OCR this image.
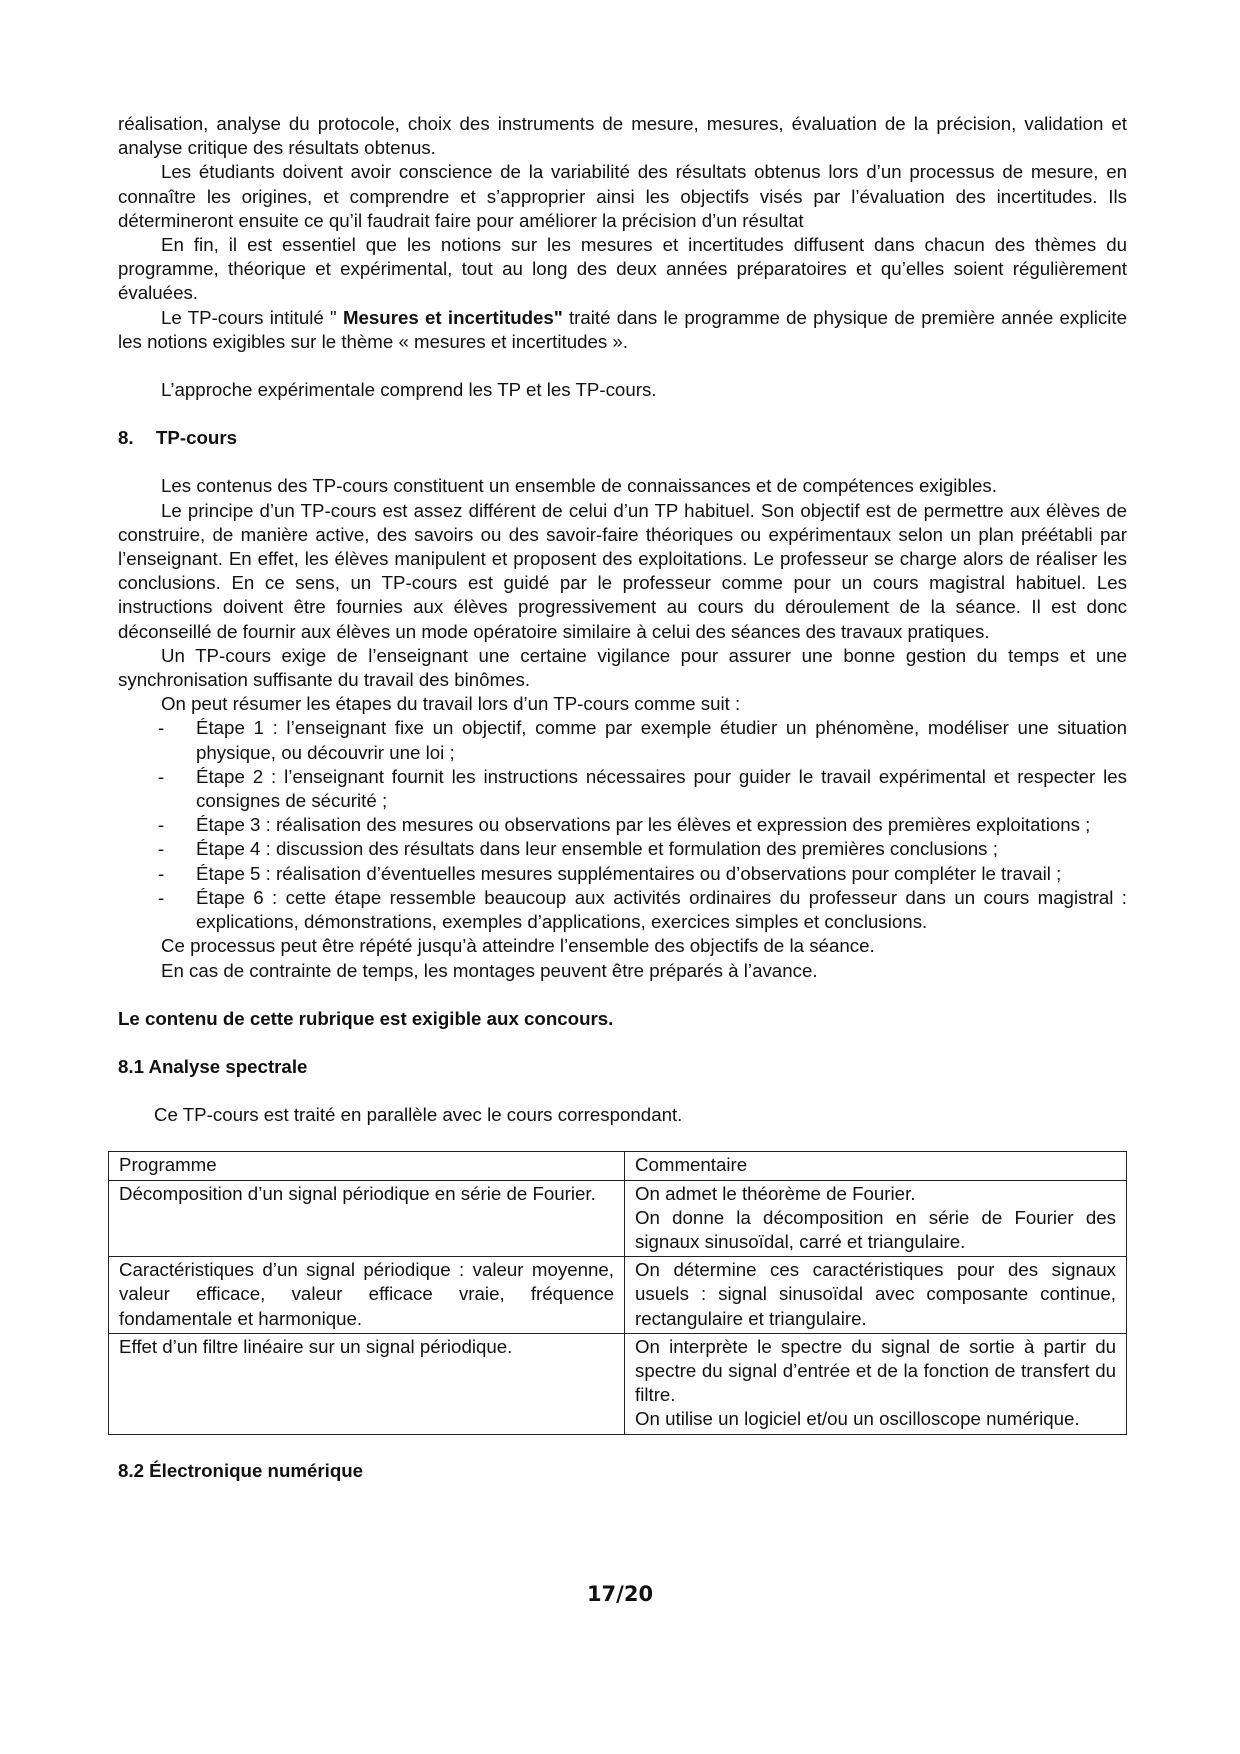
réalisation, analyse du protocole, choix des instruments de mesure, mesures, évaluation de la précision, validation et analyse critique des résultats obtenus.

Les étudiants doivent avoir conscience de la variabilité des résultats obtenus lors d’un processus de mesure, en connaître les origines, et comprendre et s’approprier ainsi les objectifs visés par l’évaluation des incertitudes. Ils détermineront ensuite ce qu’il faudrait faire pour améliorer la précision d’un résultat

En fin, il est essentiel que les notions sur les mesures et incertitudes diffusent dans chacun des thèmes du programme, théorique et expérimental, tout au long des deux années préparatoires et qu’elles soient régulièrement évaluées.

Le TP-cours intitulé " Mesures et incertitudes" traité dans le programme de physique de première année explicite les notions exigibles sur le thème « mesures et incertitudes ».

L’approche expérimentale comprend les TP et les TP-cours.

8. TP-cours

Les contenus des TP-cours constituent un ensemble de connaissances et de compétences exigibles.

Le principe d’un TP-cours est assez différent de celui d’un TP habituel. Son objectif est de permettre aux élèves de construire, de manière active, des savoirs ou des savoir-faire théoriques ou expérimentaux selon un plan préétabli par l’enseignant. En effet, les élèves manipulent et proposent des exploitations. Le professeur se charge alors de réaliser les conclusions. En ce sens, un TP-cours est guidé par le professeur comme pour un cours magistral habituel. Les instructions doivent être fournies aux élèves progressivement au cours du déroulement de la séance. Il est donc déconseillé de fournir aux élèves un mode opératoire similaire à celui des séances des travaux pratiques.

Un TP-cours exige de l’enseignant une certaine vigilance pour assurer une bonne gestion du temps et une synchronisation suffisante du travail des binômes.

On peut résumer les étapes du travail lors d’un TP-cours comme suit :

- Étape 1 : l’enseignant fixe un objectif, comme par exemple étudier un phénomène, modéliser une situation physique, ou découvrir une loi ;
- Étape 2 : l’enseignant fournit les instructions nécessaires pour guider le travail expérimental et respecter les consignes de sécurité ;
- Étape 3 : réalisation des mesures ou observations par les élèves et expression des premières exploitations ;
- Étape 4 : discussion des résultats dans leur ensemble et formulation des premières conclusions ;
- Étape 5 : réalisation d’éventuelles mesures supplémentaires ou d’observations pour compléter le travail ;
- Étape 6 : cette étape ressemble beaucoup aux activités ordinaires du professeur dans un cours magistral : explications, démonstrations, exemples d’applications, exercices simples et conclusions.

Ce processus peut être répété jusqu’à atteindre l’ensemble des objectifs de la séance.

En cas de contrainte de temps, les montages peuvent être préparés à l’avance.

Le contenu de cette rubrique est exigible aux concours.
8.1 Analyse spectrale

Ce TP-cours est traité en parallèle avec le cours correspondant.

Programme	Commentaire
Décomposition d’un signal périodique en série de Fourier.	On admet le théorème de Fourier.
On donne la décomposition en série de Fourier des signaux sinusoïdal, carré et triangulaire.

Caractéristiques d’un signal périodique : valeur moyenne, valeur efficace, valeur efficace vraie, fréquence fondamentale et harmonique.	On détermine ces caractéristiques pour des signaux usuels : signal sinusoïdal avec composante continue, rectangulaire et triangulaire.

Effet d’un filtre linéaire sur un signal périodique.	On interprète le spectre du signal de sortie à partir du spectre du signal d’entrée et de la fonction de transfert du filtre.
On utilise un logiciel et/ou un oscilloscope numérique.
8.2 Électronique numérique
17/20
